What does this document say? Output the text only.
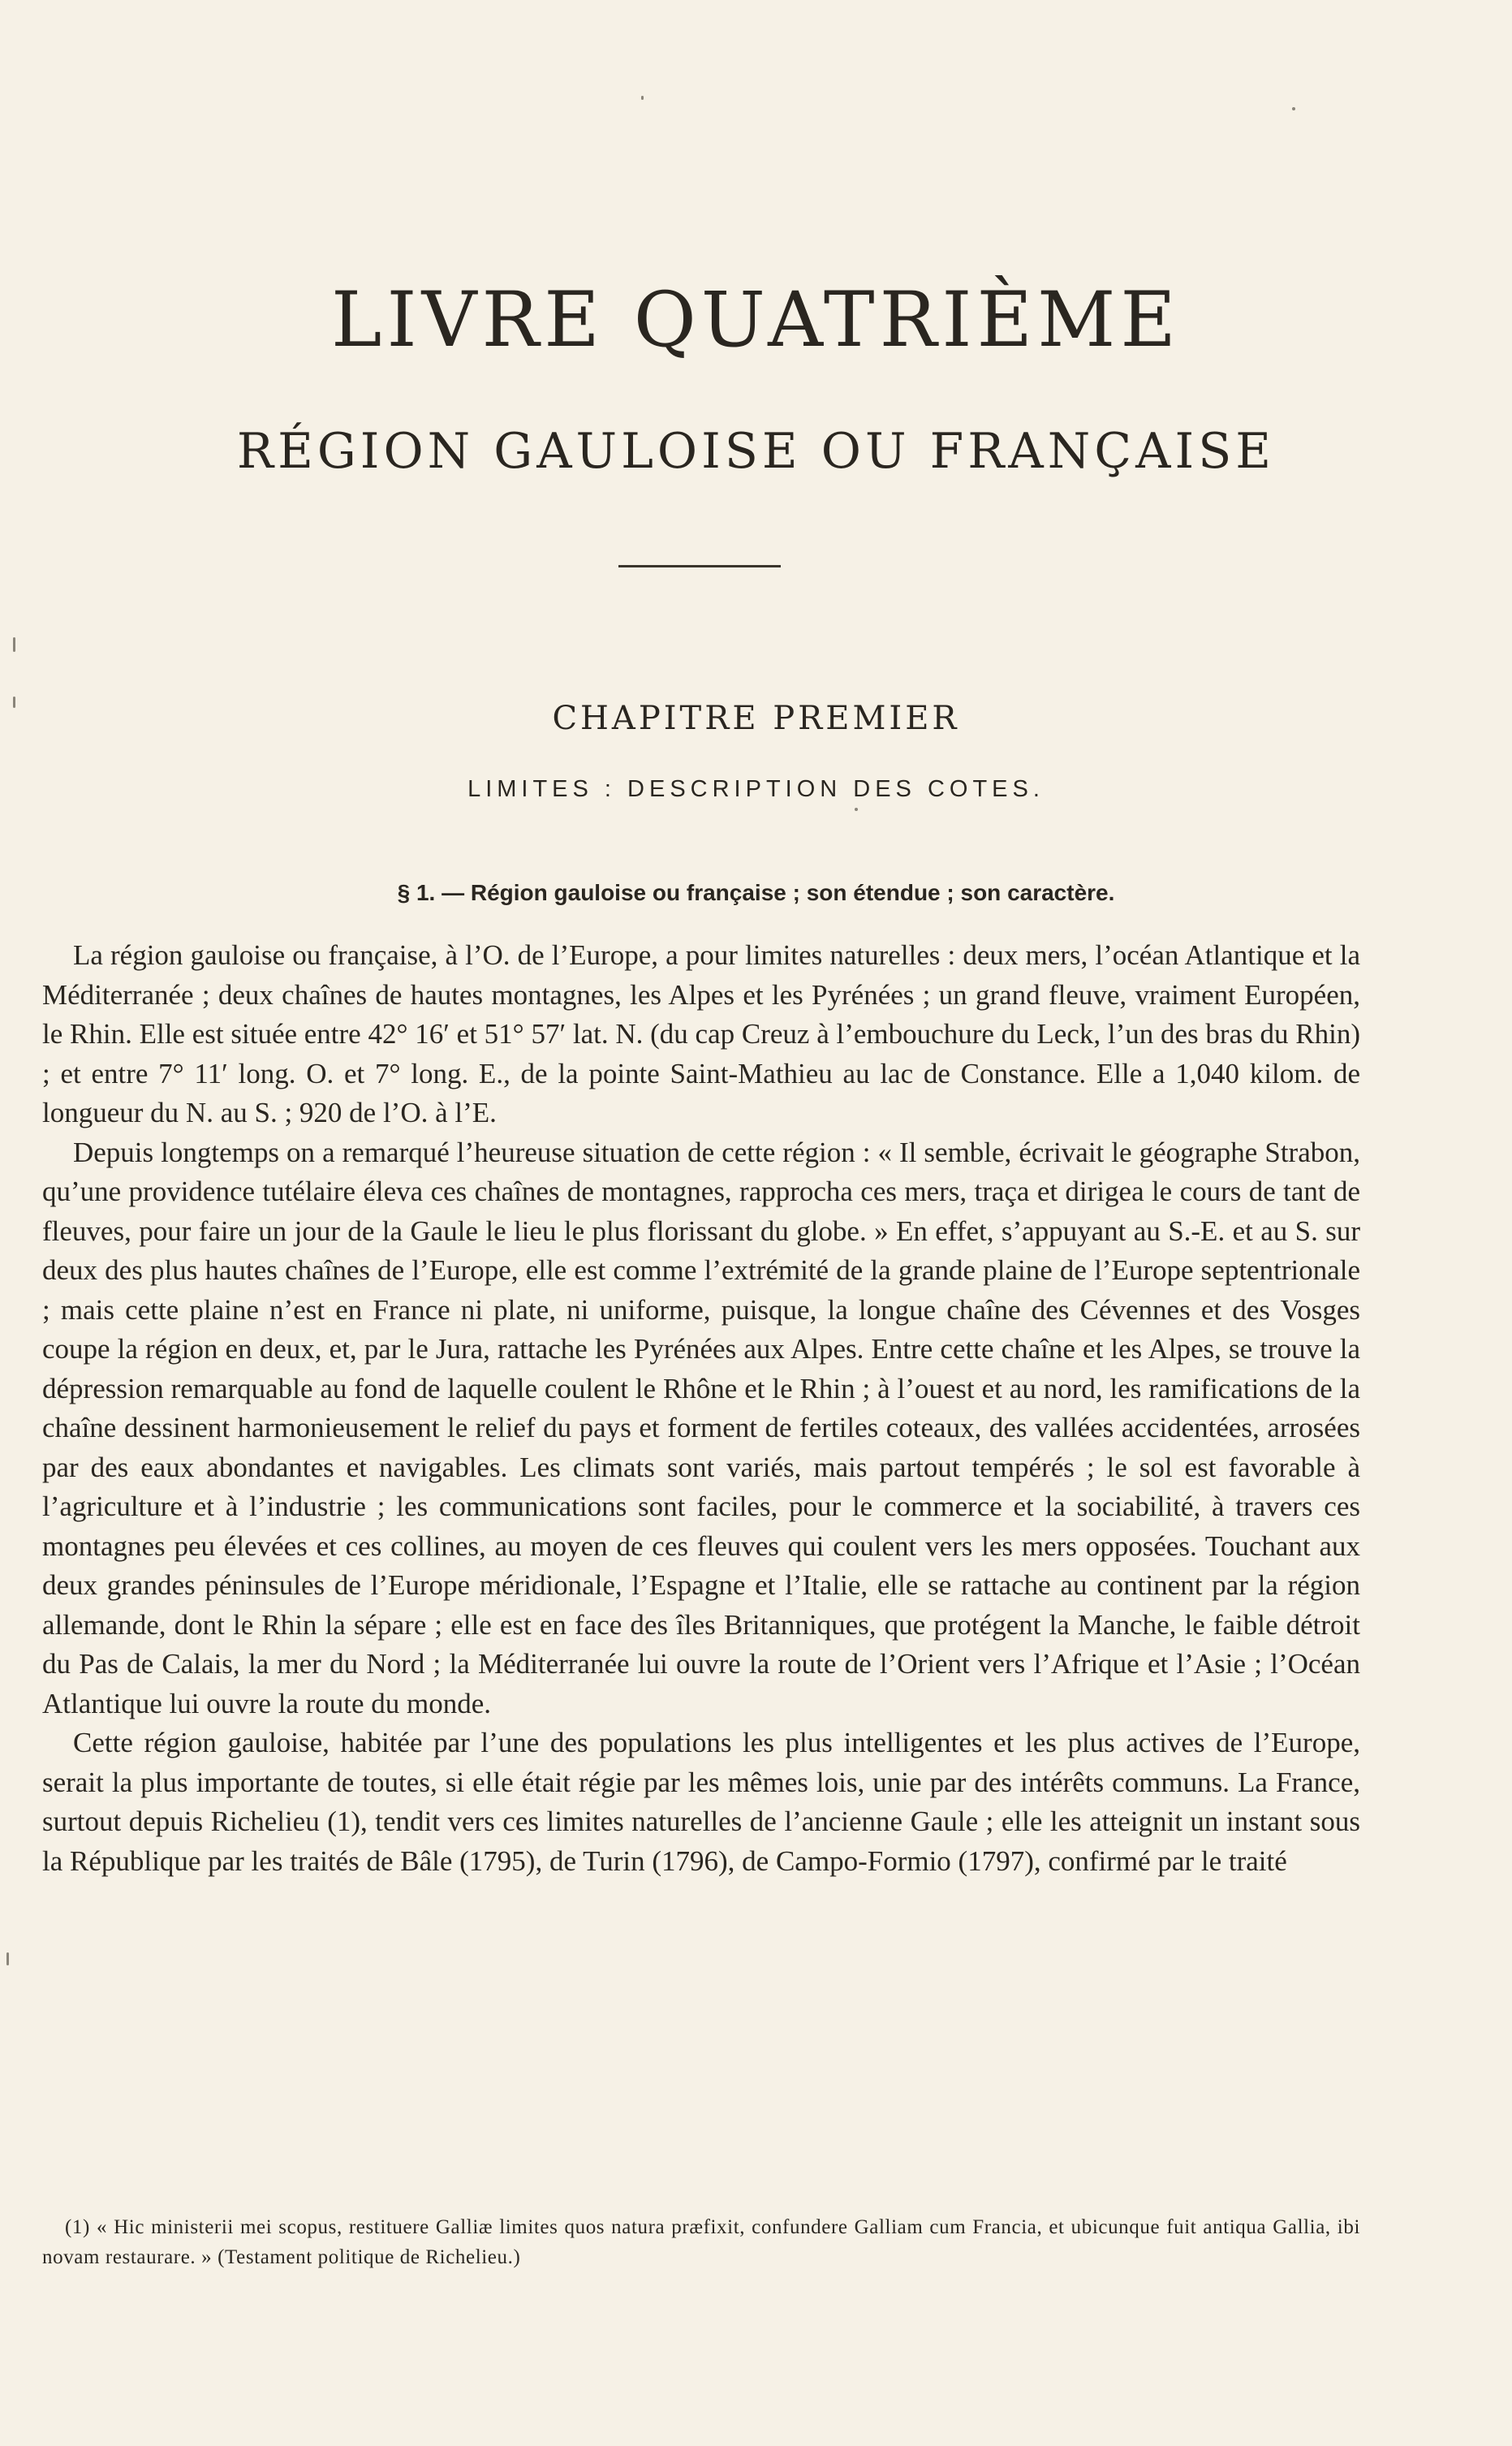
LIVRE QUATRIÈME
RÉGION GAULOISE OU FRANÇAISE
CHAPITRE PREMIER
LIMITES : DESCRIPTION DES COTES.
§ 1. — Région gauloise ou française ; son étendue ; son caractère.

La région gauloise ou française, à l’O. de l’Europe, a pour limites naturelles : deux mers, l’océan Atlantique et la Méditerranée ; deux chaînes de hautes montagnes, les Alpes et les Pyrénées ; un grand fleuve, vraiment Européen, le Rhin. Elle est située entre 42° 16′ et 51° 57′ lat. N. (du cap Creuz à l’embouchure du Leck, l’un des bras du Rhin) ; et entre 7° 11′ long. O. et 7° long. E., de la pointe Saint-Mathieu au lac de Constance. Elle a 1,040 kilom. de longueur du N. au S. ; 920 de l’O. à l’E.

Depuis longtemps on a remarqué l’heureuse situation de cette région : « Il semble, écrivait le géographe Strabon, qu’une providence tutélaire éleva ces chaînes de montagnes, rapprocha ces mers, traça et dirigea le cours de tant de fleuves, pour faire un jour de la Gaule le lieu le plus florissant du globe. » En effet, s’appuyant au S.-E. et au S. sur deux des plus hautes chaînes de l’Europe, elle est comme l’extrémité de la grande plaine de l’Europe septentrionale ; mais cette plaine n’est en France ni plate, ni uniforme, puisque, la longue chaîne des Cévennes et des Vosges coupe la région en deux, et, par le Jura, rattache les Pyrénées aux Alpes. Entre cette chaîne et les Alpes, se trouve la dépression remarquable au fond de laquelle coulent le Rhône et le Rhin ; à l’ouest et au nord, les ramifications de la chaîne dessinent harmonieusement le relief du pays et forment de fertiles coteaux, des vallées accidentées, arrosées par des eaux abondantes et navigables. Les climats sont variés, mais partout tempérés ; le sol est favorable à l’agriculture et à l’industrie ; les communications sont faciles, pour le commerce et la sociabilité, à travers ces montagnes peu élevées et ces collines, au moyen de ces fleuves qui coulent vers les mers opposées. Touchant aux deux grandes péninsules de l’Europe méridionale, l’Espagne et l’Italie, elle se rattache au continent par la région allemande, dont le Rhin la sépare ; elle est en face des îles Britanniques, que protégent la Manche, le faible détroit du Pas de Calais, la mer du Nord ; la Méditerranée lui ouvre la route de l’Orient vers l’Afrique et l’Asie ; l’Océan Atlantique lui ouvre la route du monde.

Cette région gauloise, habitée par l’une des populations les plus intelligentes et les plus actives de l’Europe, serait la plus importante de toutes, si elle était régie par les mêmes lois, unie par des intérêts communs. La France, surtout depuis Richelieu (1), tendit vers ces limites naturelles de l’ancienne Gaule ; elle les atteignit un instant sous la République par les traités de Bâle (1795), de Turin (1796), de Campo-Formio (1797), confirmé par le traité

(1) « Hic ministerii mei scopus, restituere Galliæ limites quos natura præfixit, confundere Galliam cum Francia, et ubicunque fuit antiqua Gallia, ibi novam restaurare. » (Testament politique de Richelieu.)
